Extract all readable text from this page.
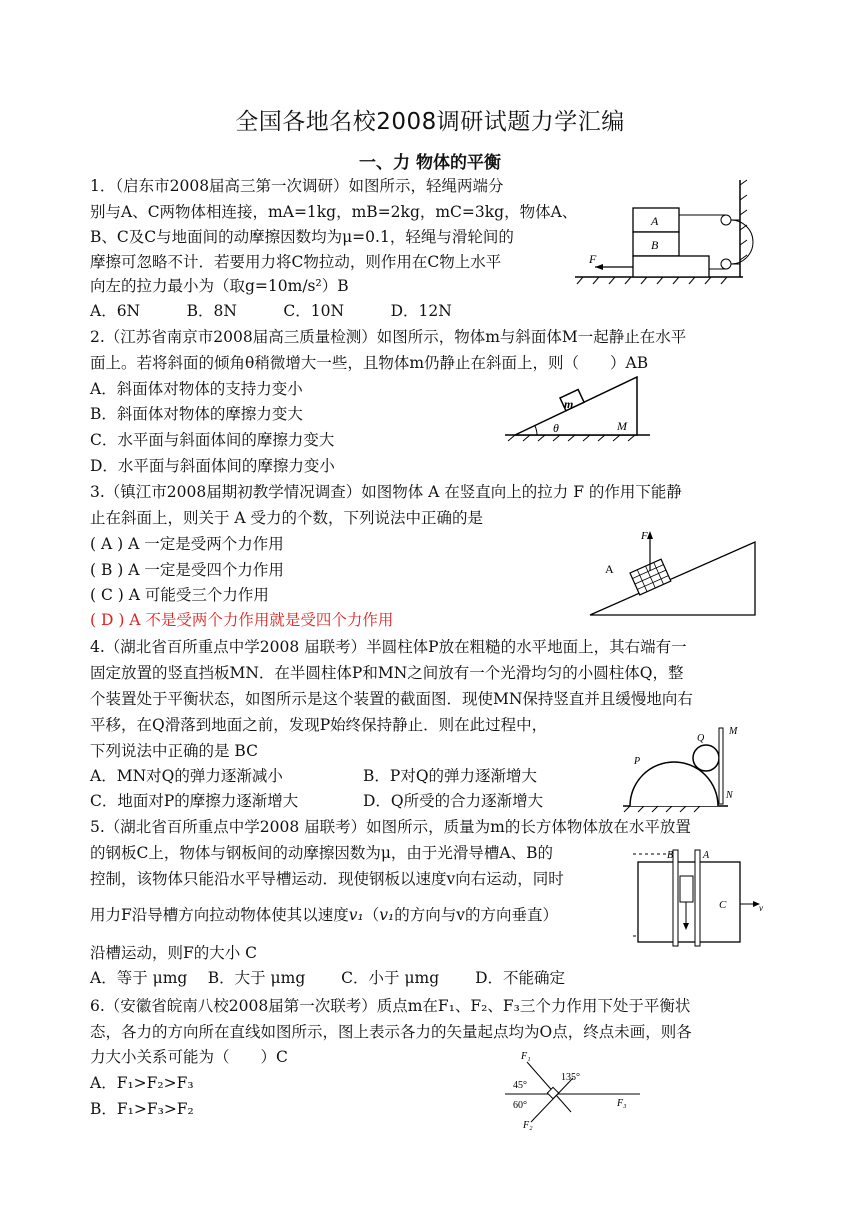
全国各地名校2008调研试题力学汇编
一、力 物体的平衡
1．（启东市2008届高三第一次调研）如图所示，轻绳两端分
别与A、C两物体相连接，mA=1kg，mB=2kg，mC=3kg，物体A、
B、C及C与地面间的动摩擦因数均为μ=0.1，轻绳与滑轮间的
摩擦可忽略不计．若要用力将C物拉动，则作用在C物上水平
向左的拉力最小为（取g=10m/s²）B
A．6N　　　B．8N　　　C．10N　　　D．12N
A
B
F
2.（江苏省南京市2008届高三质量检测）如图所示，物体m与斜面体M一起静止在水平
面上。若将斜面的倾角θ稍微增大一些，且物体m仍静止在斜面上，则（　　）AB
A．斜面体对物体的支持力变小
B．斜面体对物体的摩擦力变大
C．水平面与斜面体间的摩擦力变大
D．水平面与斜面体间的摩擦力变小
m
θ	M
3.（镇江市2008届期初教学情况调查）如图物体 A 在竖直向上的拉力 F 的作用下能静
止在斜面上，则关于 A 受力的个数，下列说法中正确的是
( A ) A 一定是受两个力作用
( B ) A 一定是受四个力作用
( C ) A 可能受三个力作用
( D ) A 不是受两个力作用就是受四个力作用
F
A
4.（湖北省百所重点中学2008 届联考）半圆柱体P放在粗糙的水平地面上，其右端有一
固定放置的竖直挡板MN．在半圆柱体P和MN之间放有一个光滑均匀的小圆柱体Q，整
个装置处于平衡状态，如图所示是这个装置的截面图．现使MN保持竖直并且缓慢地向右
平移，在Q滑落到地面之前，发现P始终保持静止．则在此过程中，
下列说法中正确的是 BC
A．MN对Q的弹力逐渐减小	B．P对Q的弹力逐渐增大
C．地面对P的摩擦力逐渐增大	D．Q所受的合力逐渐增大
M
Q
P
N
5.（湖北省百所重点中学2008 届联考）如图所示，质量为m的长方体物体放在水平放置
的钢板C上，物体与钢板间的动摩擦因数为μ，由于光滑导槽A、B的
控制，该物体只能沿水平导槽运动．现使钢板以速度v向右运动，同时
用力F沿导槽方向拉动物体使其以速度v₁（v₁的方向与v的方向垂直）
沿槽运动，则F的大小 C
A．等于 μmg　 B．大于 μmg　　 C．小于 μmg　　 D．不能确定
B	A
C	v
6.（安徽省皖南八校2008届第一次联考）质点m在F₁、F₂、F₃三个力作用下处于平衡状
态，各力的方向所在直线如图所示，图上表示各力的矢量起点均为O点，终点未画，则各
力大小关系可能为（　　）C
A．F₁>F₂>F₃
B．F₁>F₃>F₂
F₁
F₂
F₃
45°
135°
60°
